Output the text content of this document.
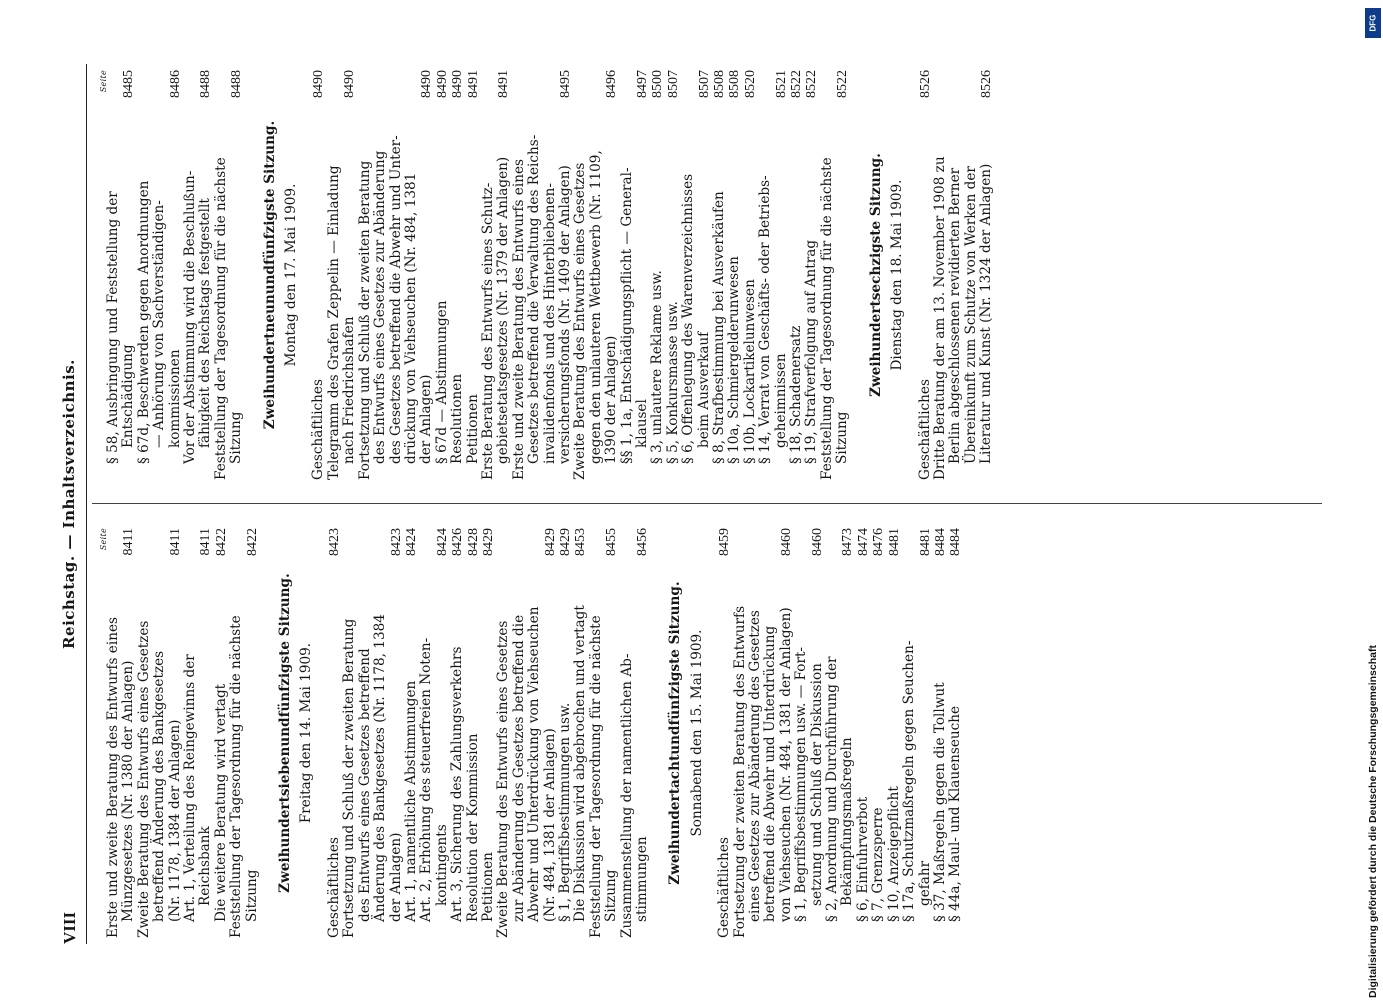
VIII
Reichstag. — Inhaltsverzeichnis.	Seite
Erste und zweite Beratung des Entwurfs eines Münzgesetzes (Nr. 1380 der Anlagen)
8411
Zweite Beratung des Entwurfs eines Gesetzes betreffend Änderung des Bankgesetzes (Nr. 1178, 1384 der Anlagen)
8411
Art. 1, Verteilung des Reingewinns der Reichsbank
8411
Die weitere Beratung wird vertagt
8422
Feststellung der Tagesordnung für die nächste Sitzung
8422
Zweihundertsiebenundfünfzigste Sitzung. Freitag den 14. Mai 1909.
Geschäftliches
8423
Fortsetzung und Schluß der zweiten Beratung des Entwurfs eines Gesetzes betreffend Änderung des Bankgesetzes (Nr. 1178, 1384 der Anlagen)
8423
Art. 1, namentliche Abstimmungen
8424
Art. 2, Erhöhung des steuerfreien Noten- kontingents
8424
Art. 3, Sicherung des Zahlungsverkehrs
8426
Resolution der Kommission
8428
Petitionen
8429
Zweite Beratung des Entwurfs eines Gesetzes zur Abänderung des Gesetzes betreffend die Abwehr und Unterdrückung von Viehseuchen (Nr. 484, 1381 der Anlagen)
8429
§ 1, Begriffsbestimmungen usw.
8429
Die Diskussion wird abgebrochen und vertagt
8453
Feststellung der Tagesordnung für die nächste Sitzung
8455
Zusammenstellung der namentlichen Ab- stimmungen
8456
Zweihundertachtundfünfzigste Sitzung. Sonnabend den 15. Mai 1909.
Geschäftliches
8459
Fortsetzung der zweiten Beratung des Entwurfs eines Gesetzes zur Abänderung des Gesetzes betreffend die Abwehr und Unterdrückung von Viehseuchen (Nr. 484, 1381 der Anlagen)
8460
§ 1, Begriffsbestimmungen usw. — Fort- setzung und Schluß der Diskussion
8460
§ 2, Anordnung und Durchführung der Bekämpfungsmaßregeln
8473
§ 6, Einfuhrverbot
8474
§ 7, Grenzsperre
8476
§ 10, Anzeigepflicht
8481
§ 17a, Schutzmaßregeln gegen Seuchen- gefahr
8481
§ 37, Maßregeln gegen die Tollwut
8484
§ 44a, Maul- und Klauenseuche
8484
Seite
§ 58, Ausbringung und Feststellung der Entschädigung
8485
§ 67d, Beschwerden gegen Anordnungen — Anhörung von Sachverständigen- kommissionen
8486
Vor der Abstimmung wird die Beschlußun- fähigkeit des Reichstags festgestellt
8488
Feststellung der Tagesordnung für die nächste Sitzung
8488
Zweihundertneunundfünfzigste Sitzung. Montag den 17. Mai 1909.
Geschäftliches
8490
Telegramm des Grafen Zeppelin — Einladung nach Friedrichshafen
8490
Fortsetzung und Schluß der zweiten Beratung des Entwurfs eines Gesetzes zur Abänderung des Gesetzes betreffend die Abwehr und Unter- drückung von Viehseuchen (Nr. 484, 1381 der Anlagen)
8490
§ 67d — Abstimmungen
8490
Resolutionen
8490
Petitionen
8491
Erste Beratung des Entwurfs eines Schutz- gebietsetatsgesetzes (Nr. 1379 der Anlagen)
8491
Erste und zweite Beratung des Entwurfs eines Gesetzes betreffend die Verwaltung des Reichs- invalidenfonds und des Hinterbliebenen- versicherungsfonds (Nr. 1409 der Anlagen)
8495
Zweite Beratung des Entwurfs eines Gesetzes gegen den unlauteren Wettbewerb (Nr. 1109, 1390 der Anlagen)
8496
§§ 1, 1a, Entschädigungspflicht — General- klausel
8497
§ 3, unlautere Reklame usw.
8500
§ 5, Konkursmasse usw.
8507
§ 6, Offenlegung des Warenverzeichnisses beim Ausverkauf
8507
§ 8, Strafbestimmung bei Ausverkäufen
8508
§ 10a, Schmiergelderunwesen
8508
§ 10b, Lockartikelunwesen
8520
§ 14, Verrat von Geschäfts- oder Betriebs- geheimnissen
8521
§ 18, Schadenersatz
8522
§ 19, Strafverfolgung auf Antrag
8522
Feststellung der Tagesordnung für die nächste Sitzung
8522
Zweihundertsechzigste Sitzung. Dienstag den 18. Mai 1909.
Geschäftliches
8526
Dritte Beratung der am 13. November 1908 zu Berlin abgeschlossenen revidierten Berner Übereinkunft zum Schutze von Werken der Literatur und Kunst (Nr. 1324 der Anlagen)
8526
DFG
Digitalisierung gefördert durch die Deutsche Forschungsgemeinschaft
